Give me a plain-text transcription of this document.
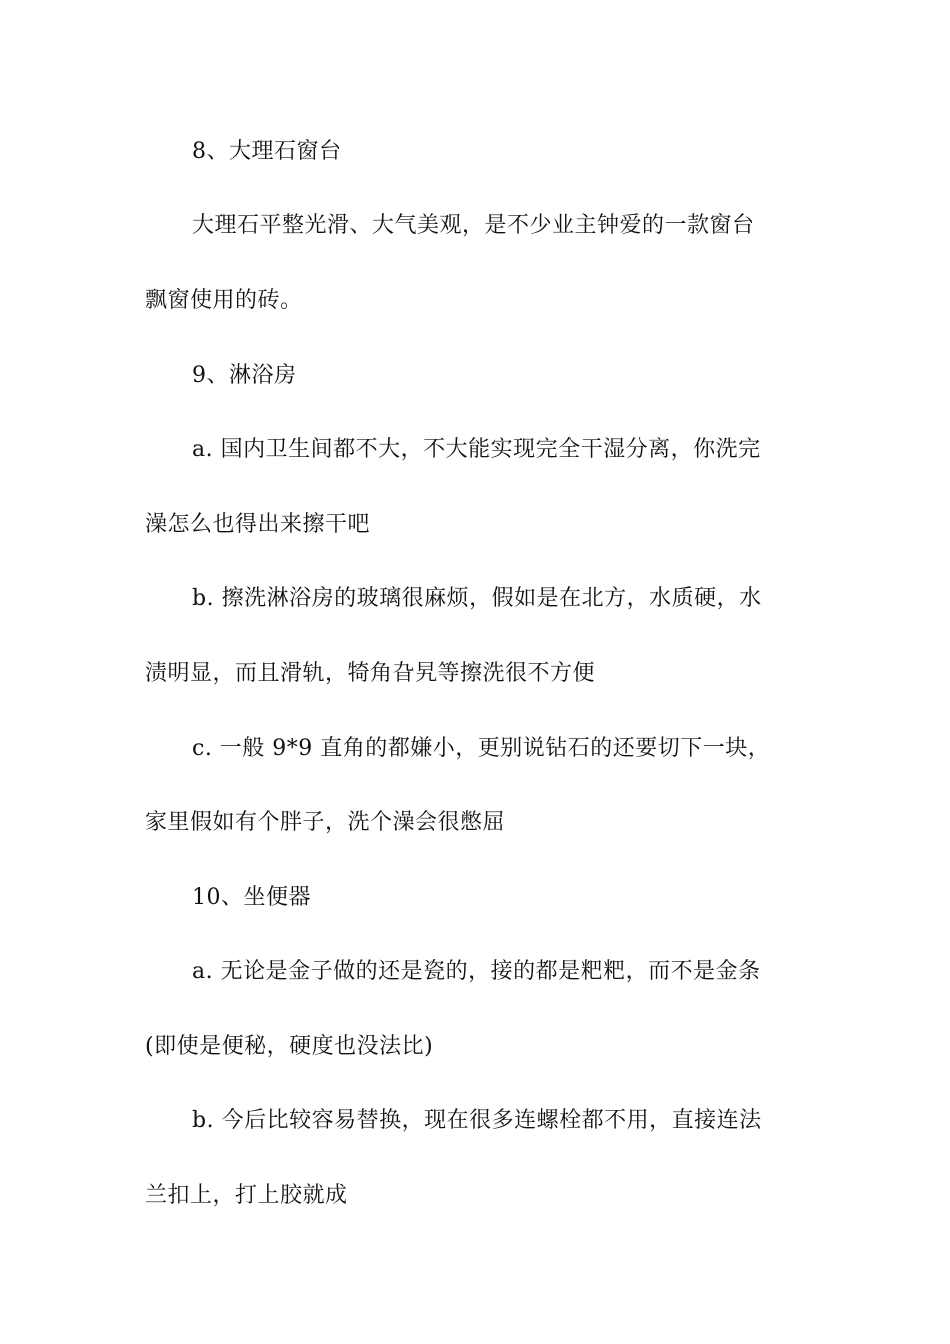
8、大理石窗台
大理石平整光滑、大气美观，是不少业主钟爱的一款窗台
飘窗使用的砖。
9、淋浴房
a. 国内卫生间都不大，不大能实现完全干湿分离，你洗完
澡怎么也得出来擦干吧
b. 擦洗淋浴房的玻璃很麻烦，假如是在北方，水质硬，水
渍明显，而且滑轨，犄角旮旯等擦洗很不方便
c. 一般 9*9 直角的都嫌小，更别说钻石的还要切下一块，
家里假如有个胖子，洗个澡会很憋屈
10、坐便器
a. 无论是金子做的还是瓷的，接的都是粑粑，而不是金条
(即使是便秘，硬度也没法比)
b. 今后比较容易替换，现在很多连螺栓都不用，直接连法
兰扣上，打上胶就成
